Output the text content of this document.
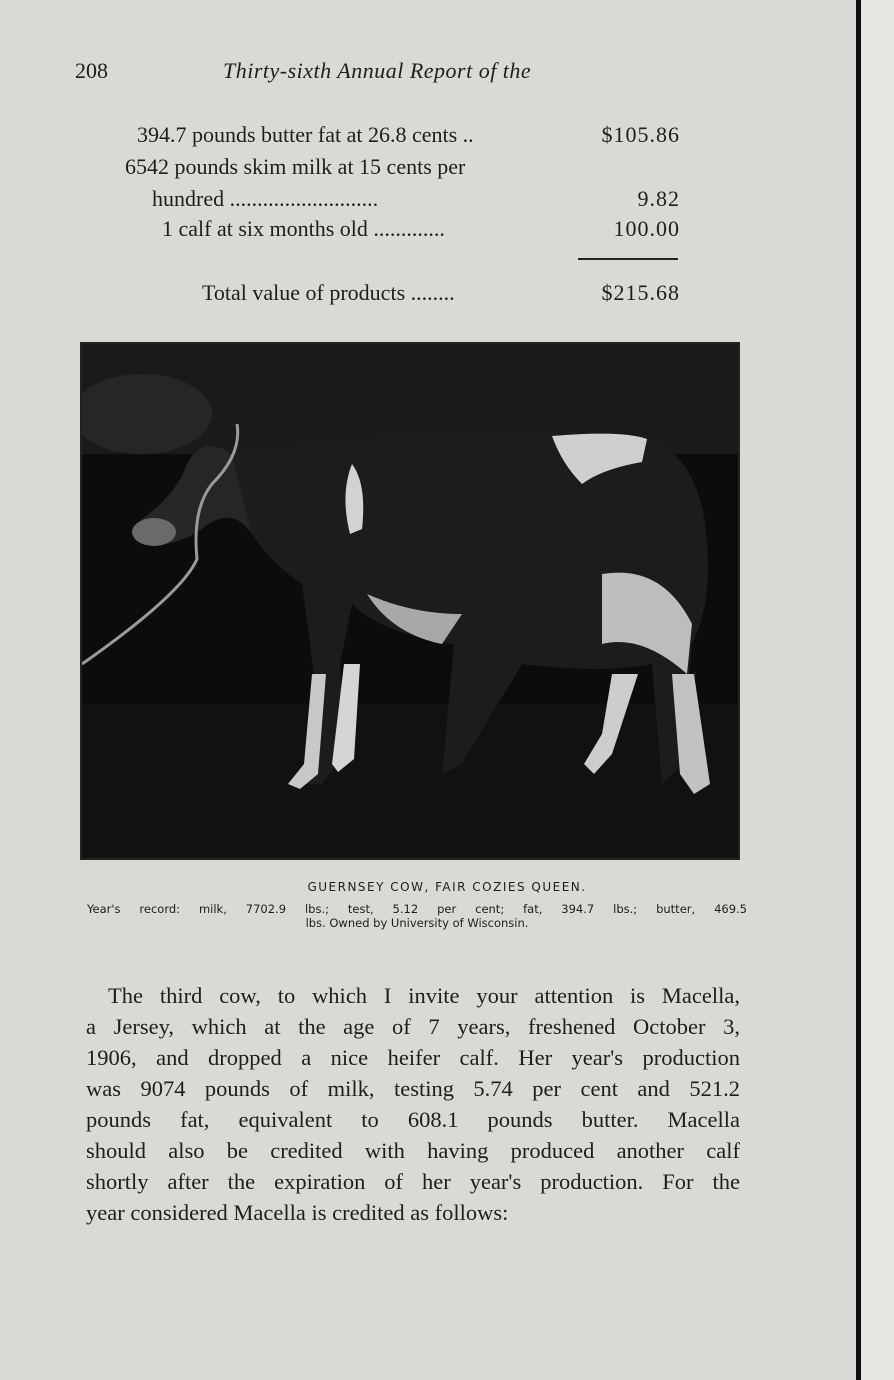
208	Thirty-sixth Annual Report of the
394.7 pounds butter fat at 26.8 cents ..	$105.86
6542 pounds skim milk at 15 cents per
hundred ...........................	9.82
1 calf at six months old .............	100.00
Total value of products ........	$215.68
GUERNSEY COW, FAIR COZIES QUEEN.
Year's record: milk, 7702.9 lbs.; test, 5.12 per cent; fat, 394.7 lbs.; butter, 469.5
lbs. Owned by University of Wisconsin.
The third cow, to which I invite your attention is Macella,
a Jersey, which at the age of 7 years, freshened October 3,
1906, and dropped a nice heifer calf. Her year's production
was 9074 pounds of milk, testing 5.74 per cent and 521.2
pounds fat, equivalent to 608.1 pounds butter. Macella
should also be credited with having produced another calf
shortly after the expiration of her year's production. For the
year considered Macella is credited as follows:
